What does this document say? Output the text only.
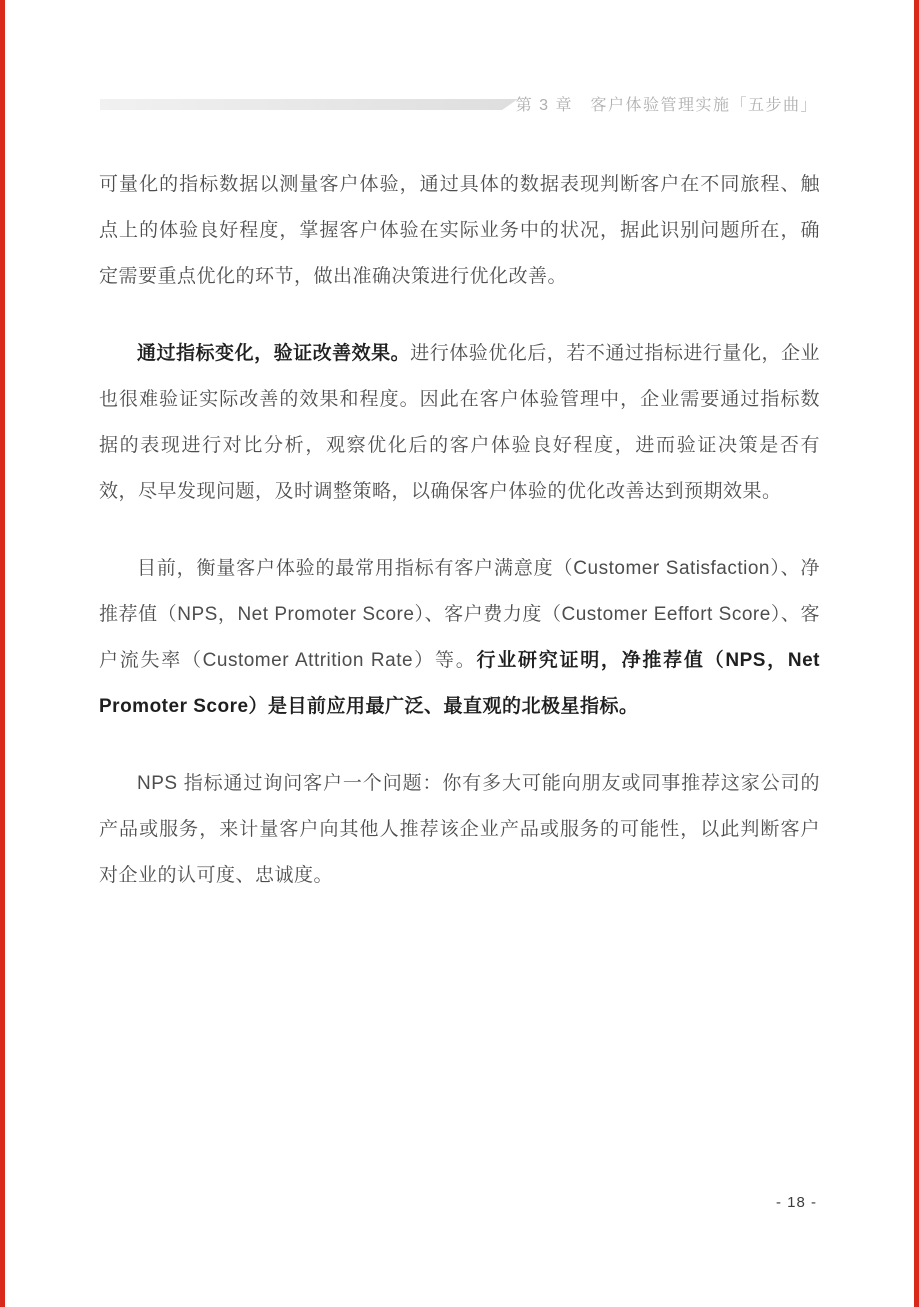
第 3 章　客户体验管理实施「五步曲」

可量化的指标数据以测量客户体验，通过具体的数据表现判断客户在不同旅程、触点上的体验良好程度，掌握客户体验在实际业务中的状况，据此识别问题所在，确定需要重点优化的环节，做出准确决策进行优化改善。

通过指标变化，验证改善效果。进行体验优化后，若不通过指标进行量化，企业也很难验证实际改善的效果和程度。因此在客户体验管理中，企业需要通过指标数据的表现进行对比分析，观察优化后的客户体验良好程度，进而验证决策是否有效，尽早发现问题，及时调整策略，以确保客户体验的优化改善达到预期效果。

目前，衡量客户体验的最常用指标有客户满意度（Customer Satisfaction）、净推荐值（NPS，Net Promoter Score）、客户费力度（Customer Eeffort Score）、客户流失率（Customer Attrition Rate）等。行业研究证明，净推荐值（NPS，Net Promoter Score）是目前应用最广泛、最直观的北极星指标。

NPS 指标通过询问客户一个问题：你有多大可能向朋友或同事推荐这家公司的产品或服务，来计量客户向其他人推荐该企业产品或服务的可能性，以此判断客户对企业的认可度、忠诚度。

- 18 -
